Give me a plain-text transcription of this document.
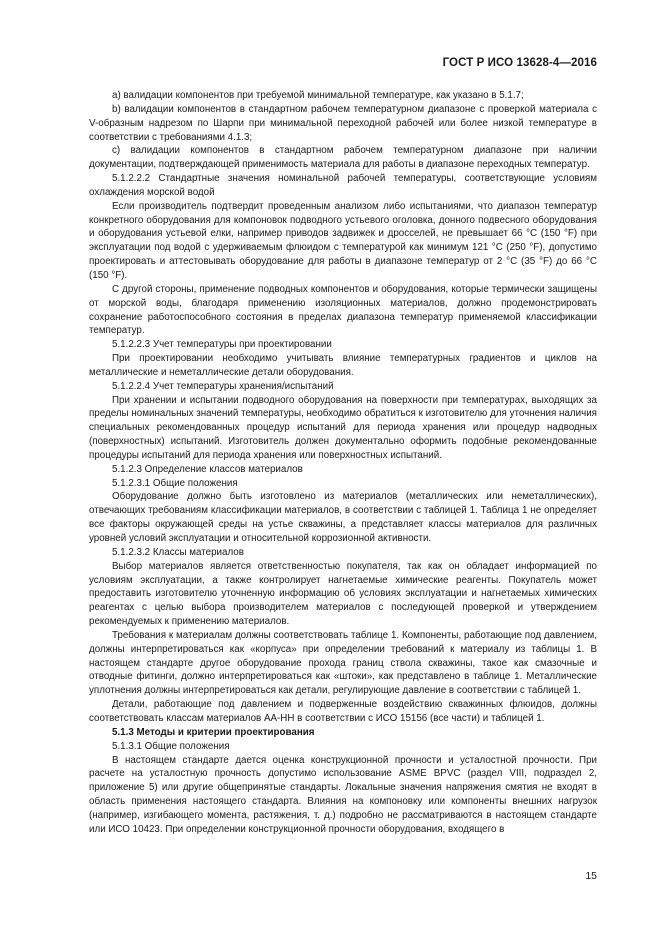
ГОСТ Р ИСО 13628-4—2016

a) валидации компонентов при требуемой минимальной температуре, как указано в 5.1.7;

b) валидации компонентов в стандартном рабочем температурном диапазоне с проверкой материала с V-образным надрезом по Шарпи при минимальной переходной рабочей или более низкой температуре в соответствии с требованиями 4.1.3;

c) валидации компонентов в стандартном рабочем температурном диапазоне при наличии документации, подтверждающей применимость материала для работы в диапазоне переходных температур.

5.1.2.2.2 Стандартные значения номинальной рабочей температуры, соответствующие условиям охлаждения морской водой

Если производитель подтвердит проведенным анализом либо испытаниями, что диапазон температур конкретного оборудования для компоновок подводного устьевого оголовка, донного подвесного оборудования и оборудования устьевой елки, например приводов задвижек и дросселей, не превышает 66 °C (150 °F) при эксплуатации под водой с удерживаемым флюидом с температурой как минимум 121 °C (250 °F), допустимо проектировать и аттестовывать оборудование для работы в диапазоне температур от 2 °C (35 °F) до 66 °C (150 °F).

С другой стороны, применение подводных компонентов и оборудования, которые термически защищены от морской воды, благодаря применению изоляционных материалов, должно продемонстрировать сохранение работоспособного состояния в пределах диапазона температур применяемой классификации температур.

5.1.2.2.3 Учет температуры при проектировании

При проектировании необходимо учитывать влияние температурных градиентов и циклов на металлические и неметаллические детали оборудования.

5.1.2.2.4 Учет температуры хранения/испытаний

При хранении и испытании подводного оборудования на поверхности при температурах, выходящих за пределы номинальных значений температуры, необходимо обратиться к изготовителю для уточнения наличия специальных рекомендованных процедур испытаний для периода хранения или процедур надводных (поверхностных) испытаний. Изготовитель должен документально оформить подобные рекомендованные процедуры испытаний для периода хранения или поверхностных испытаний.

5.1.2.3 Определение классов материалов

5.1.2.3.1 Общие положения

Оборудование должно быть изготовлено из материалов (металлических или неметаллических), отвечающих требованиям классификации материалов, в соответствии с таблицей 1. Таблица 1 не определяет все факторы окружающей среды на устье скважины, а представляет классы материалов для различных уровней условий эксплуатации и относительной коррозионной активности.

5.1.2.3.2 Классы материалов

Выбор материалов является ответственностью покупателя, так как он обладает информацией по условиям эксплуатации, а также контролирует нагнетаемые химические реагенты. Покупатель может предоставить изготовителю уточненную информацию об условиях эксплуатации и нагнетаемых химических реагентах с целью выбора производителем материалов с последующей проверкой и утверждением рекомендуемых к применению материалов.

Требования к материалам должны соответствовать таблице 1. Компоненты, работающие под давлением, должны интерпретироваться как «корпуса» при определении требований к материалу из таблицы 1. В настоящем стандарте другое оборудование прохода границ ствола скважины, такое как смазочные и отводные фитинги, должно интерпретироваться как «штоки», как представлено в таблице 1. Металлические уплотнения должны интерпретироваться как детали, регулирующие давление в соответствии с таблицей 1.

Детали, работающие под давлением и подверженные воздействию скважинных флюидов, должны соответствовать классам материалов АА-НН в соответствии с ИСО 15156 (все части) и таблицей 1.

5.1.3 Методы и критерии проектирования

5.1.3.1 Общие положения

В настоящем стандарте дается оценка конструкционной прочности и усталостной прочности. При расчете на усталостную прочность допустимо использование ASME BPVC (раздел VIII, подраздел 2, приложение 5) или другие общепринятые стандарты. Локальные значения напряжения смятия не входят в область применения настоящего стандарта. Влияния на компоновку или компоненты внешних нагрузок (например, изгибающего момента, растяжения, т. д.) подробно не рассматриваются в настоящем стандарте или ИСО 10423. При определении конструкционной прочности оборудования, входящего в

15
